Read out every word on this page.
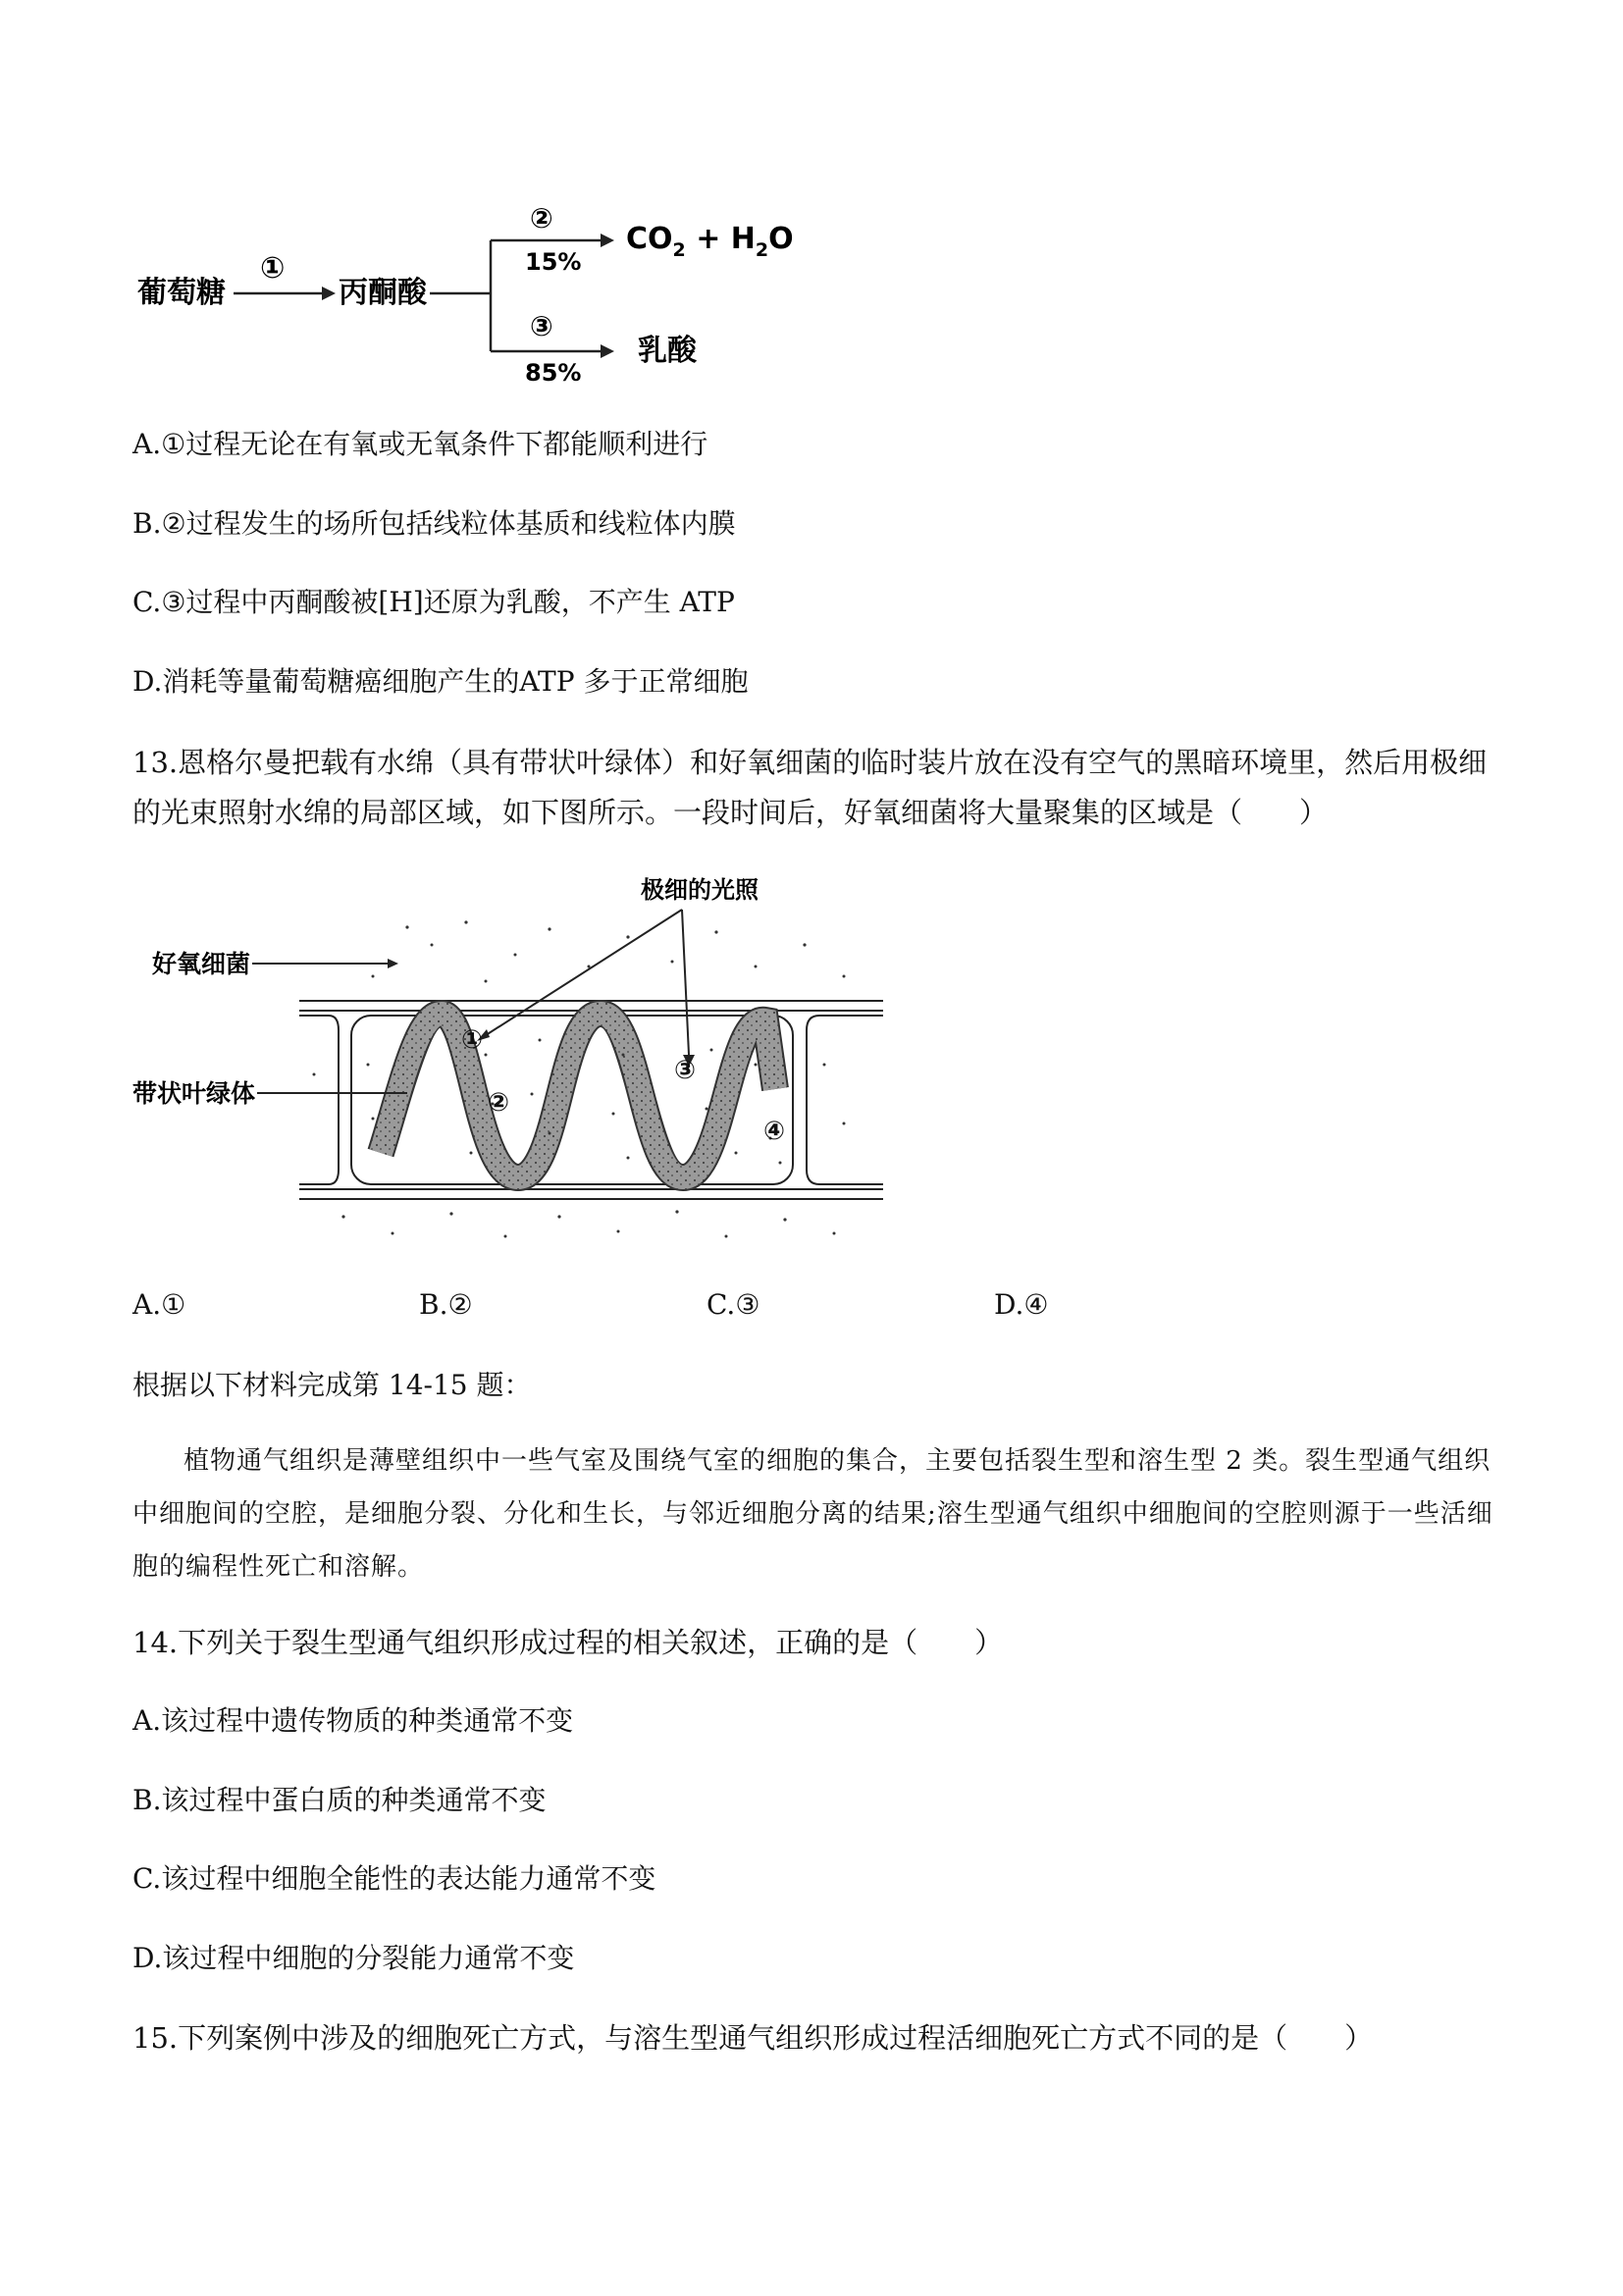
葡萄糖
①
丙酮酸
②
15%
③
85%
$CO_2 + H_2O$
乳酸
A.①过程无论在有氧或无氧条件下都能顺利进行
B.②过程发生的场所包括线粒体基质和线粒体内膜
C.③过程中丙酮酸被[H]还原为乳酸，不产生 ATP
D.消耗等量葡萄糖癌细胞产生的ATP 多于正常细胞
13.恩格尔曼把载有水绵（具有带状叶绿体）和好氧细菌的临时装片放在没有空气的黑暗环境里，然后用极细
的光束照射水绵的局部区域，如下图所示。一段时间后，好氧细菌将大量聚集的区域是（　　）
极细的光照
好氧细菌
带状叶绿体
①
②
③
④
A.①	B.②	C.③	D.④
根据以下材料完成第 14-15 题：

植物通气组织是薄壁组织中一些气室及围绕气室的细胞的集合，主要包括裂生型和溶生型 2 类。裂生型通气组织中细胞间的空腔，是细胞分裂、分化和生长，与邻近细胞分离的结果;溶生型通气组织中细胞间的空腔则源于一些活细胞的编程性死亡和溶解。

14.下列关于裂生型通气组织形成过程的相关叙述，正确的是（　　）
A.该过程中遗传物质的种类通常不变
B.该过程中蛋白质的种类通常不变
C.该过程中细胞全能性的表达能力通常不变
D.该过程中细胞的分裂能力通常不变
15.下列案例中涉及的细胞死亡方式，与溶生型通气组织形成过程活细胞死亡方式不同的是（　　）
